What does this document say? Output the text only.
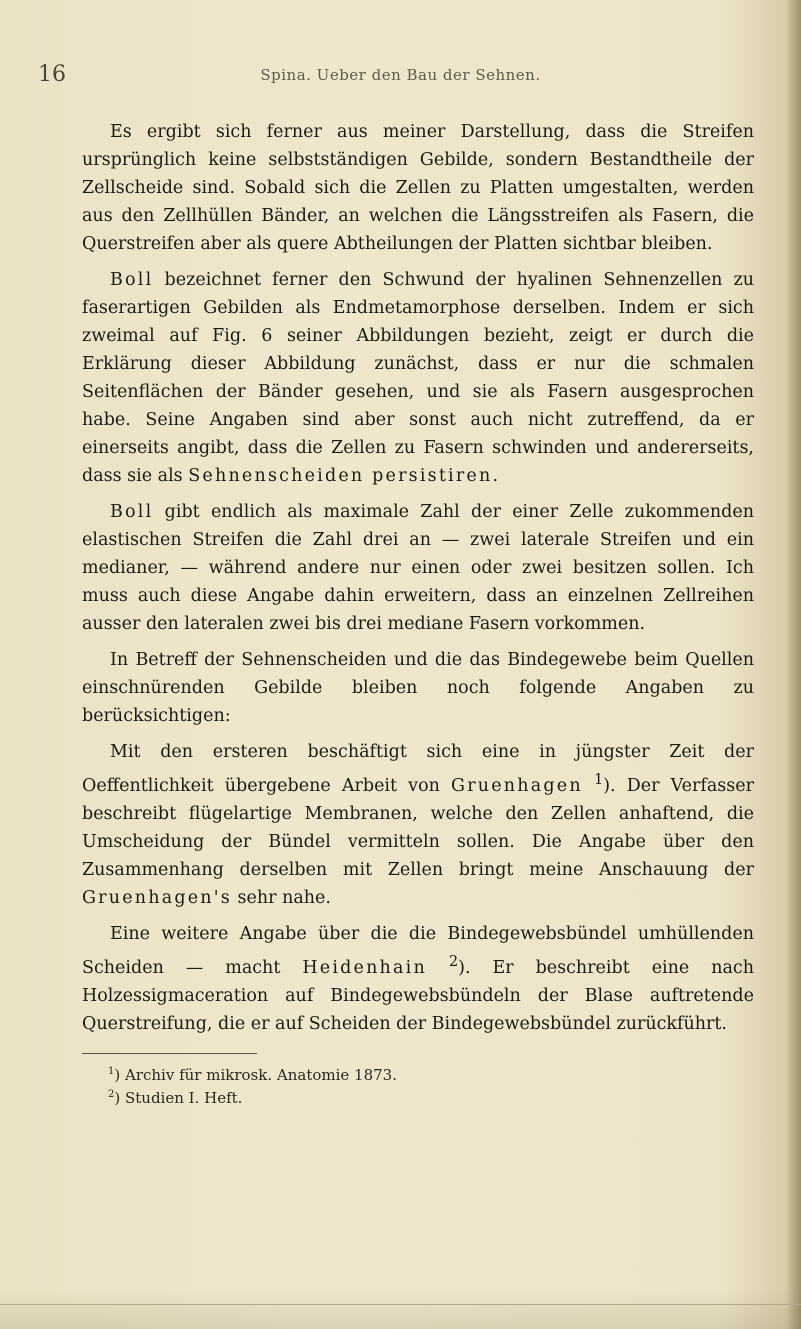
16	Spina. Ueber den Bau der Sehnen.

Es ergibt sich ferner aus meiner Darstellung, dass die Streifen ursprünglich keine selbstständigen Gebilde, sondern Bestandtheile der Zellscheide sind. Sobald sich die Zellen zu Platten umgestalten, werden aus den Zellhüllen Bänder, an welchen die Längsstreifen als Fasern, die Querstreifen aber als quere Abtheilungen der Platten sichtbar bleiben.

Boll bezeichnet ferner den Schwund der hyalinen Sehnenzellen zu faserartigen Gebilden als Endmetamorphose derselben. Indem er sich zweimal auf Fig. 6 seiner Abbildungen bezieht, zeigt er durch die Erklärung dieser Abbildung zunächst, dass er nur die schmalen Seitenflächen der Bänder gesehen, und sie als Fasern ausgesprochen habe. Seine Angaben sind aber sonst auch nicht zutreffend, da er einerseits angibt, dass die Zellen zu Fasern schwinden und andererseits, dass sie als Sehnenscheiden persistiren.

Boll gibt endlich als maximale Zahl der einer Zelle zukommenden elastischen Streifen die Zahl drei an — zwei laterale Streifen und ein medianer, — während andere nur einen oder zwei besitzen sollen. Ich muss auch diese Angabe dahin erweitern, dass an einzelnen Zellreihen ausser den lateralen zwei bis drei mediane Fasern vorkommen.

In Betreff der Sehnenscheiden und die das Bindegewebe beim Quellen einschnürenden Gebilde bleiben noch folgende Angaben zu berücksichtigen:

Mit den ersteren beschäftigt sich eine in jüngster Zeit der Oeffentlichkeit übergebene Arbeit von Gruenhagen $^1$). Der Verfasser beschreibt flügelartige Membranen, welche den Zellen anhaftend, die Umscheidung der Bündel vermitteln sollen. Die Angabe über den Zusammenhang derselben mit Zellen bringt meine Anschauung der Gruenhagen's sehr nahe.

Eine weitere Angabe über die die Bindegewebsbündel umhüllenden Scheiden — macht Heidenhain $^2$). Er beschreibt eine nach Holzessigmaceration auf Bindegewebsbündeln der Blase auftretende Querstreifung, die er auf Scheiden der Bindegewebsbündel zurückführt.

$^1$) Archiv für mikrosk. Anatomie 1873.
$^2$) Studien I. Heft.
